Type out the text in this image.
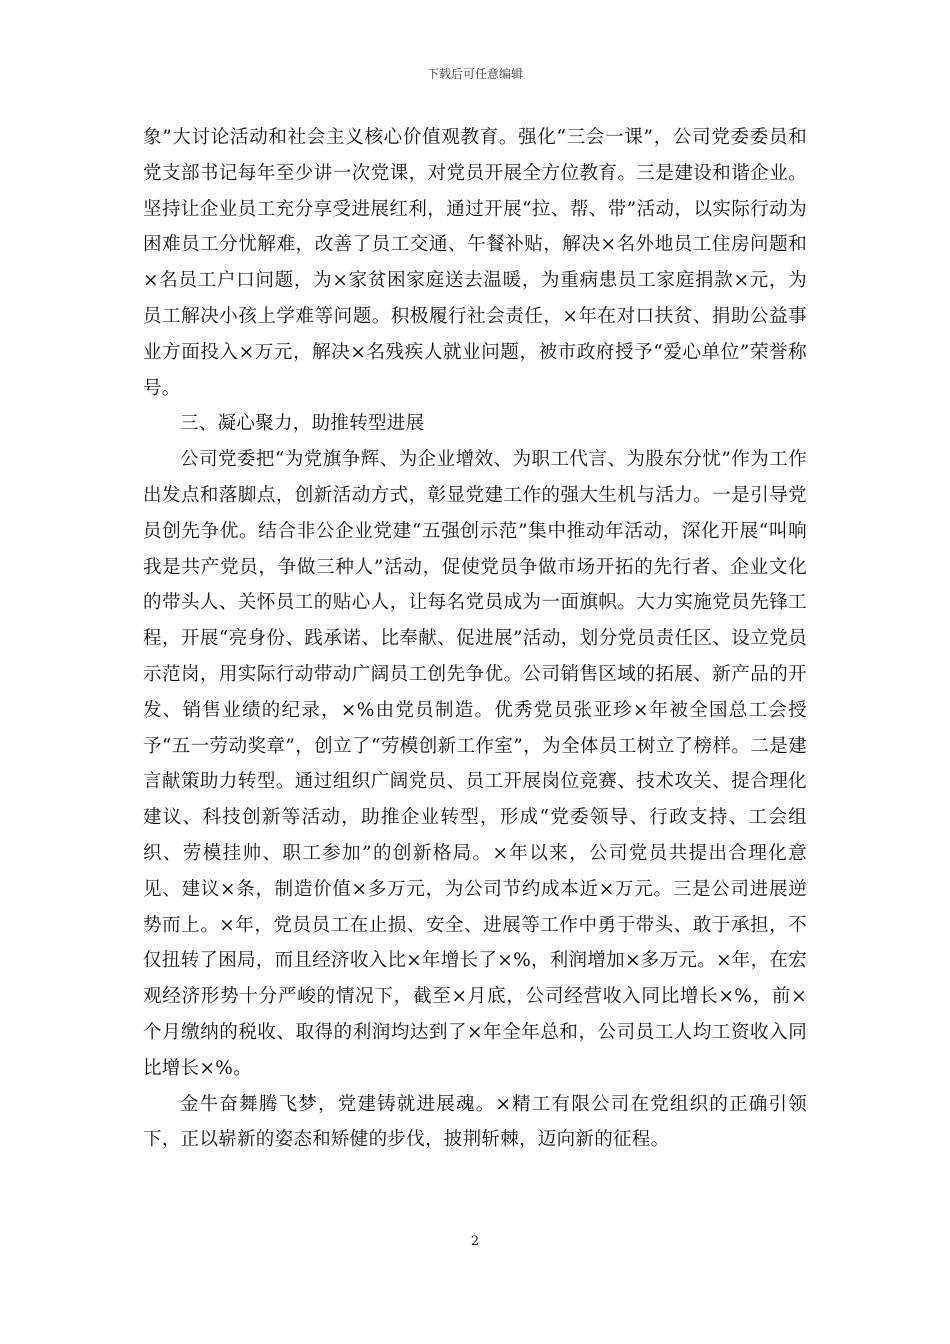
下载后可任意编辑

象”大讨论活动和社会主义核心价值观教育。强化“三会一课”，公司党委委员和党支部书记每年至少讲一次党课，对党员开展全方位教育。三是建设和谐企业。坚持让企业员工充分享受进展红利，通过开展“拉、帮、带”活动，以实际行动为困难员工分忧解难，改善了员工交通、午餐补贴，解决×名外地员工住房问题和×名员工户口问题，为×家贫困家庭送去温暖，为重病患员工家庭捐款×元，为员工解决小孩上学难等问题。积极履行社会责任，×年在对口扶贫、捐助公益事业方面投入×万元，解决×名残疾人就业问题，被市政府授予“爱心单位”荣誉称号。

三、凝心聚力，助推转型进展

公司党委把“为党旗争辉、为企业增效、为职工代言、为股东分忧”作为工作出发点和落脚点，创新活动方式，彰显党建工作的强大生机与活力。一是引导党员创先争优。结合非公企业党建“五强创示范”集中推动年活动，深化开展“叫响我是共产党员，争做三种人”活动，促使党员争做市场开拓的先行者、企业文化的带头人、关怀员工的贴心人，让每名党员成为一面旗帜。大力实施党员先锋工程，开展“亮身份、践承诺、比奉献、促进展”活动，划分党员责任区、设立党员示范岗，用实际行动带动广阔员工创先争优。公司销售区域的拓展、新产品的开发、销售业绩的纪录，×%由党员制造。优秀党员张亚珍×年被全国总工会授予“五一劳动奖章”，创立了“劳模创新工作室”，为全体员工树立了榜样。二是建言献策助力转型。通过组织广阔党员、员工开展岗位竞赛、技术攻关、提合理化建议、科技创新等活动，助推企业转型，形成“党委领导、行政支持、工会组织、劳模挂帅、职工参加”的创新格局。×年以来，公司党员共提出合理化意见、建议×条，制造价值×多万元，为公司节约成本近×万元。三是公司进展逆势而上。×年，党员员工在止损、安全、进展等工作中勇于带头、敢于承担，不仅扭转了困局，而且经济收入比×年增长了×%，利润增加×多万元。×年，在宏观经济形势十分严峻的情况下，截至×月底，公司经营收入同比增长×%，前×个月缴纳的税收、取得的利润均达到了×年全年总和，公司员工人均工资收入同比增长×%。

金牛奋舞腾飞梦，党建铸就进展魂。×精工有限公司在党组织的正确引领下，正以崭新的姿态和矫健的步伐，披荆斩棘，迈向新的征程。

2
